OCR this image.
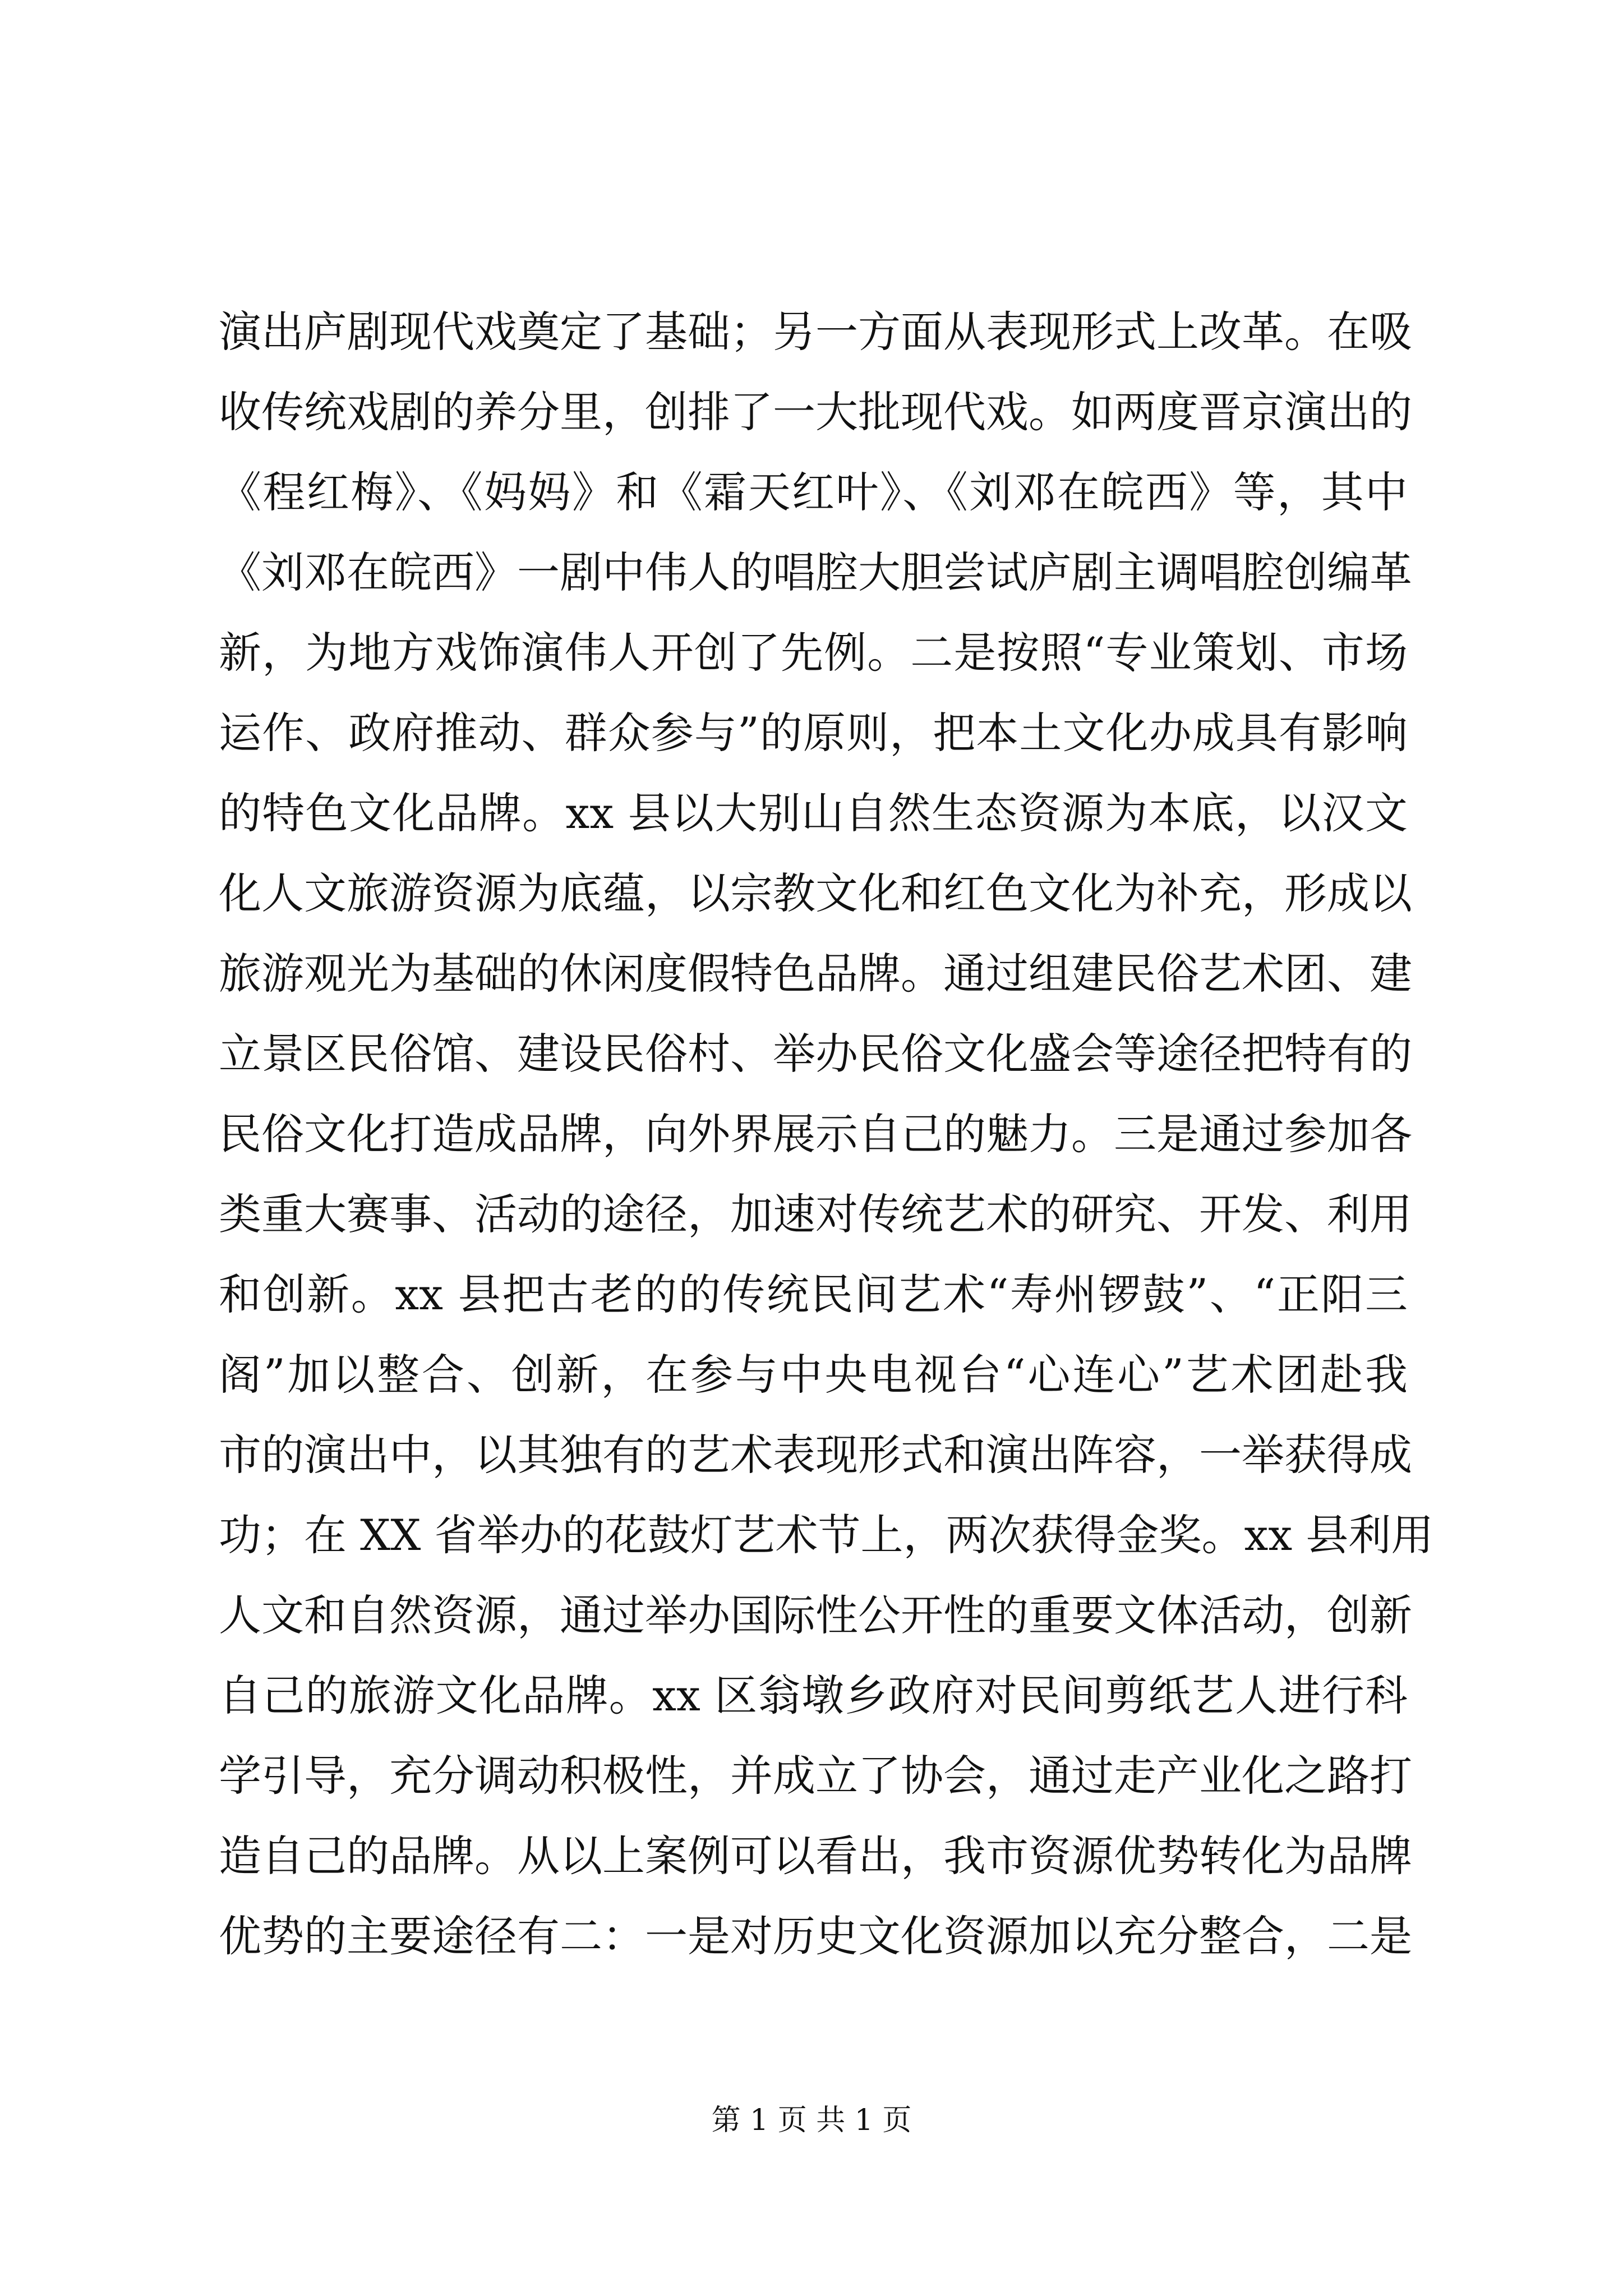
演出庐剧现代戏奠定了基础；另一方面从表现形式上改革。在吸
收传统戏剧的养分里，创排了一大批现代戏。如两度晋京演出的
《程红梅》、《妈妈》和《霜天红叶》、《刘邓在皖西》等，其中
《刘邓在皖西》一剧中伟人的唱腔大胆尝试庐剧主调唱腔创编革
新，为地方戏饰演伟人开创了先例。二是按照“专业策划、市场
运作、政府推动、群众参与”的原则，把本土文化办成具有影响
的特色文化品牌。xx 县以大别山自然生态资源为本底，以汉文
化人文旅游资源为底蕴，以宗教文化和红色文化为补充，形成以
旅游观光为基础的休闲度假特色品牌。通过组建民俗艺术团、建
立景区民俗馆、建设民俗村、举办民俗文化盛会等途径把特有的
民俗文化打造成品牌，向外界展示自己的魅力。三是通过参加各
类重大赛事、活动的途径，加速对传统艺术的研究、开发、利用
和创新。xx 县把古老的的传统民间艺术“寿州锣鼓”、“正阳三
阁”加以整合、创新，在参与中央电视台“心连心”艺术团赴我
市的演出中，以其独有的艺术表现形式和演出阵容，一举获得成
功；在 XX 省举办的花鼓灯艺术节上，两次获得金奖。xx 县利用
人文和自然资源，通过举办国际性公开性的重要文体活动，创新
自己的旅游文化品牌。xx 区翁墩乡政府对民间剪纸艺人进行科
学引导，充分调动积极性，并成立了协会，通过走产业化之路打
造自己的品牌。从以上案例可以看出，我市资源优势转化为品牌
优势的主要途径有二：一是对历史文化资源加以充分整合，二是
第 1 页 共 1 页
